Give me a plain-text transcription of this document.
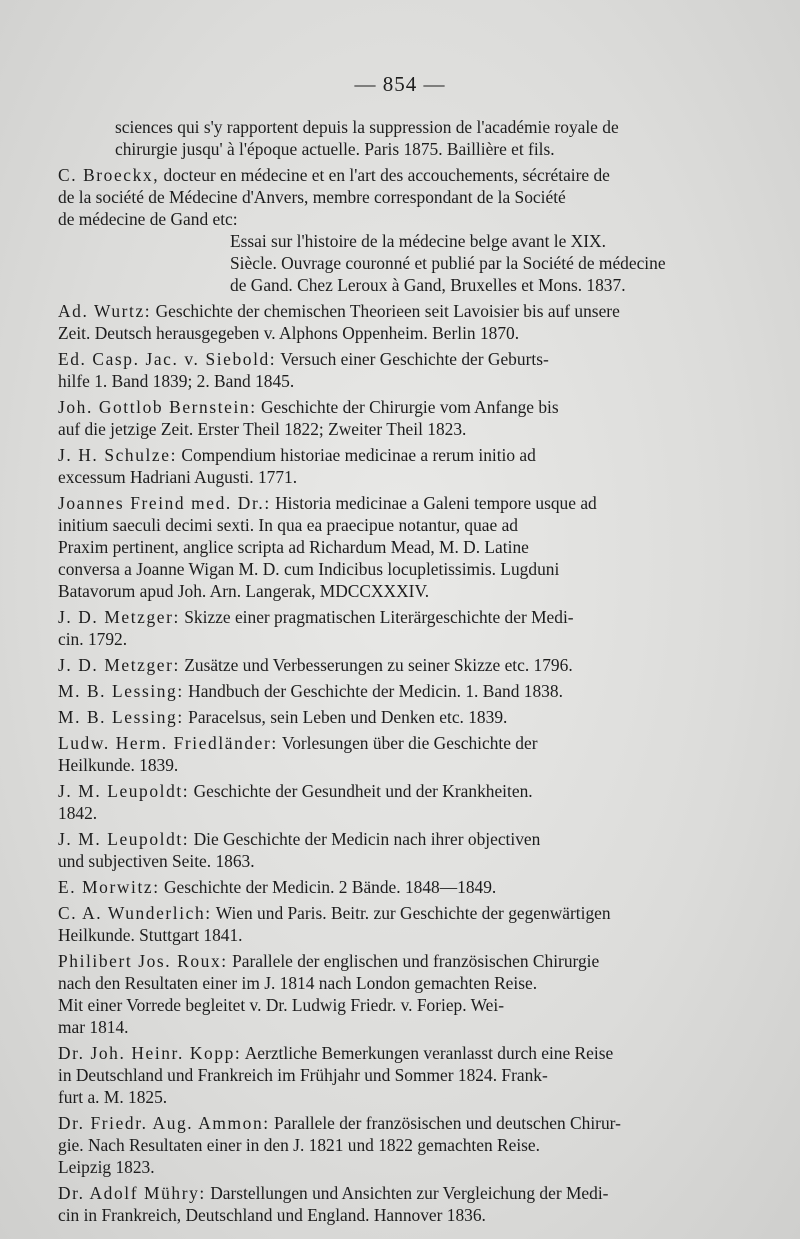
— 854 —
sciences qui s'y rapportent depuis la suppression de l'académie royale de
chirurgie jusqu' à l'époque actuelle. Paris 1875. Baillière et fils.
C. Broeckx, docteur en médecine et en l'art des accouchements, sécrétaire de
de la société de Médecine d'Anvers, membre correspondant de la Société
de médecine de Gand etc:
Essai sur l'histoire de la médecine belge avant le XIX.
Siècle. Ouvrage couronné et publié par la Société de médecine
de Gand. Chez Leroux à Gand, Bruxelles et Mons. 1837.
Ad. Wurtz: Geschichte der chemischen Theorieen seit Lavoisier bis auf unsere
Zeit. Deutsch herausgegeben v. Alphons Oppenheim. Berlin 1870.
Ed. Casp. Jac. v. Siebold: Versuch einer Geschichte der Geburts-
hilfe 1. Band 1839; 2. Band 1845.
Joh. Gottlob Bernstein: Geschichte der Chirurgie vom Anfange bis
auf die jetzige Zeit. Erster Theil 1822; Zweiter Theil 1823.
J. H. Schulze: Compendium historiae medicinae a rerum initio ad
excessum Hadriani Augusti. 1771.
Joannes Freind med. Dr.: Historia medicinae a Galeni tempore usque ad
initium saeculi decimi sexti. In qua ea praecipue notantur, quae ad
Praxim pertinent, anglice scripta ad Richardum Mead, M. D. Latine
conversa a Joanne Wigan M. D. cum Indicibus locupletissimis. Lugduni
Batavorum apud Joh. Arn. Langerak, MDCCXXXIV.
J. D. Metzger: Skizze einer pragmatischen Literärgeschichte der Medi-
cin. 1792.
J. D. Metzger: Zusätze und Verbesserungen zu seiner Skizze etc. 1796.
M. B. Lessing: Handbuch der Geschichte der Medicin. 1. Band 1838.
M. B. Lessing: Paracelsus, sein Leben und Denken etc. 1839.
Ludw. Herm. Friedländer: Vorlesungen über die Geschichte der
Heilkunde. 1839.
J. M. Leupoldt: Geschichte der Gesundheit und der Krankheiten.
1842.
J. M. Leupoldt: Die Geschichte der Medicin nach ihrer objectiven
und subjectiven Seite. 1863.
E. Morwitz: Geschichte der Medicin. 2 Bände. 1848—1849.
C. A. Wunderlich: Wien und Paris. Beitr. zur Geschichte der gegenwärtigen
Heilkunde. Stuttgart 1841.
Philibert Jos. Roux: Parallele der englischen und französischen Chirurgie
nach den Resultaten einer im J. 1814 nach London gemachten Reise.
Mit einer Vorrede begleitet v. Dr. Ludwig Friedr. v. Foriep. Wei-
mar 1814.
Dr. Joh. Heinr. Kopp: Aerztliche Bemerkungen veranlasst durch eine Reise
in Deutschland und Frankreich im Frühjahr und Sommer 1824. Frank-
furt a. M. 1825.
Dr. Friedr. Aug. Ammon: Parallele der französischen und deutschen Chirur-
gie. Nach Resultaten einer in den J. 1821 und 1822 gemachten Reise.
Leipzig 1823.
Dr. Adolf Mühry: Darstellungen und Ansichten zur Vergleichung der Medi-
cin in Frankreich, Deutschland und England. Hannover 1836.
